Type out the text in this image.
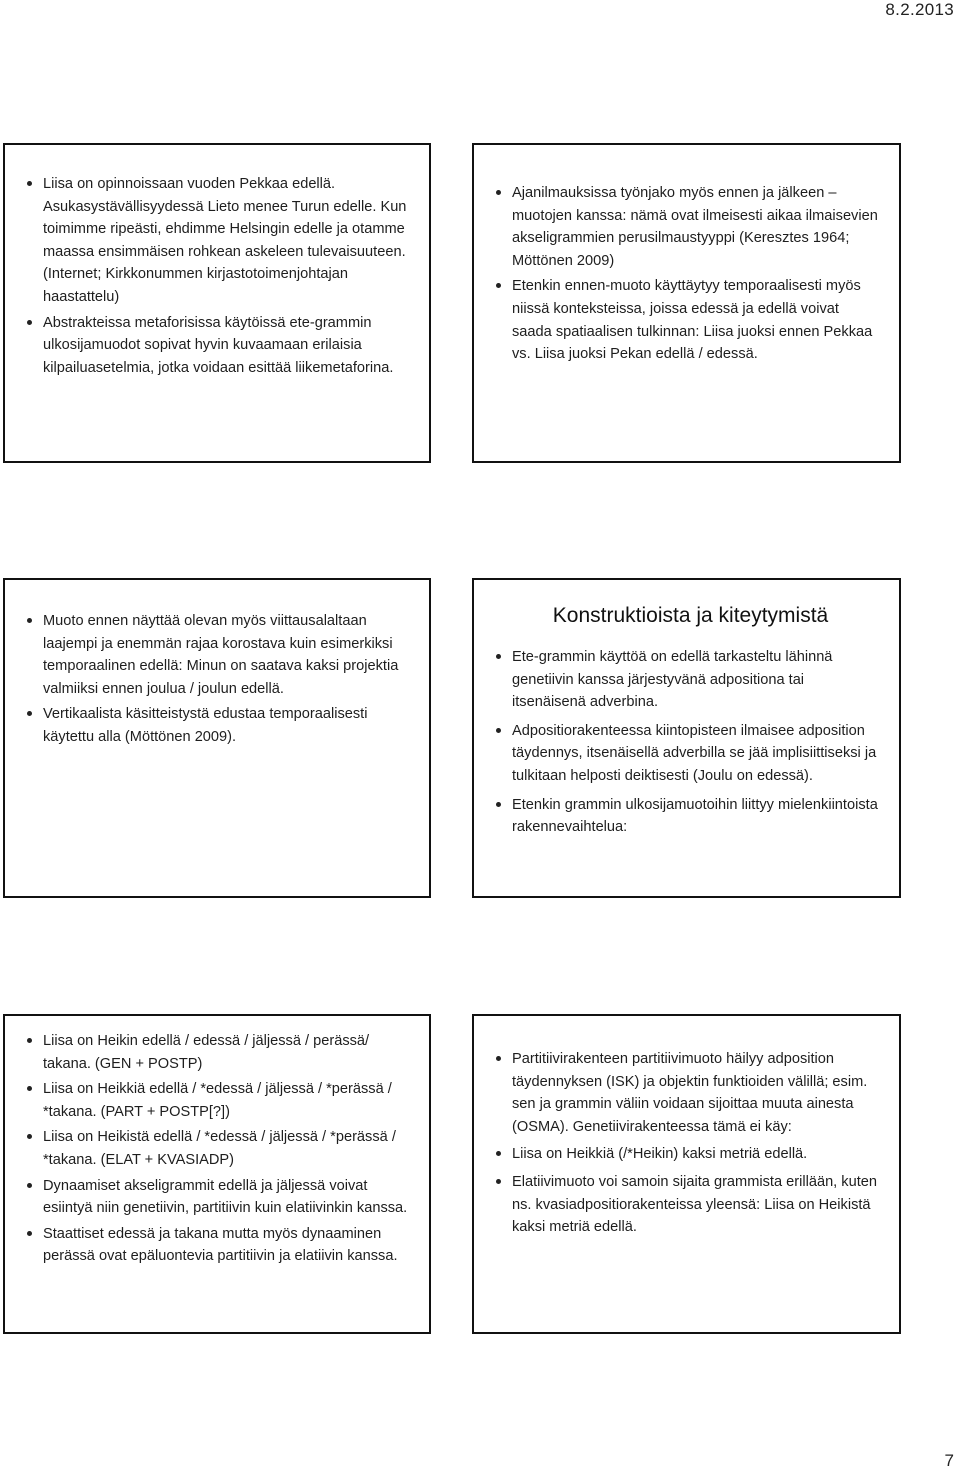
8.2.2013
Liisa on opinnoissaan vuoden Pekkaa edellä. Asukasystävällisyydessä Lieto menee Turun edelle. Kun toimimme ripeästi, ehdimme Helsingin edelle ja otamme maassa ensimmäisen rohkean askeleen tulevaisuuteen. (Internet; Kirkkonummen kirjastotoimenjohtajan haastattelu)
Abstrakteissa metaforisissa käytöissä ete-grammin ulkosijamuodot sopivat hyvin kuvaamaan erilaisia kilpailuasetelmia, jotka voidaan esittää liikemetaforina.
Ajanilmauksissa työnjako myös ennen ja jälkeen –muotojen kanssa: nämä ovat ilmeisesti aikaa ilmaisevien akseligrammien perusilmaustyyppi (Keresztes 1964; Möttönen 2009)
Etenkin ennen-muoto käyttäytyy temporaalisesti myös niissä konteksteissa, joissa edessä ja edellä voivat saada spatiaalisen tulkinnan: Liisa juoksi ennen Pekkaa vs. Liisa juoksi Pekan edellä / edessä.
Muoto ennen näyttää olevan myös viittausalaltaan laajempi ja enemmän rajaa korostava kuin esimerkiksi temporaalinen edellä: Minun on saatava kaksi projektia valmiiksi ennen joulua / joulun edellä.
Vertikaalista käsitteistystä edustaa temporaalisesti käytettu alla (Möttönen 2009).
Konstruktioista ja kiteytymistä
Ete-grammin käyttöä on edellä tarkasteltu lähinnä genetiivin kanssa järjestyvänä adpositiona tai itsenäisenä adverbina.
Adpositiorakenteessa kiintopisteen ilmaisee adposition täydennys, itsenäisellä adverbilla se jää implisiittiseksi ja tulkitaan helposti deiktisesti (Joulu on edessä).
Etenkin grammin ulkosijamuotoihin liittyy mielenkiintoista rakennevaihtelua:
Liisa on Heikin edellä / edessä / jäljessä / perässä/ takana. (GEN + POSTP)
Liisa on Heikkiä edellä / *edessä / jäljessä / *perässä / *takana. (PART + POSTP[?])
Liisa on Heikistä edellä / *edessä / jäljessä / *perässä / *takana. (ELAT + KVASIADP)
Dynaamiset akseligrammit edellä ja jäljessä voivat esiintyä niin genetiivin, partitiivin kuin elatiivinkin kanssa.
Staattiset edessä ja takana mutta myös dynaaminen perässä ovat epäluontevia partitiivin ja elatiivin kanssa.
Partitiivirakenteen partitiivimuoto häilyy adposition täydennyksen (ISK) ja objektin funktioiden välillä; esim. sen ja grammin väliin voidaan sijoittaa muuta ainesta (OSMA). Genetiivirakenteessa tämä ei käy:
Liisa on Heikkiä (/*Heikin) kaksi metriä edellä.
Elatiivimuoto voi samoin sijaita grammista erillään, kuten ns. kvasiadpositiorakenteissa yleensä: Liisa on Heikistä kaksi metriä edellä.
7
